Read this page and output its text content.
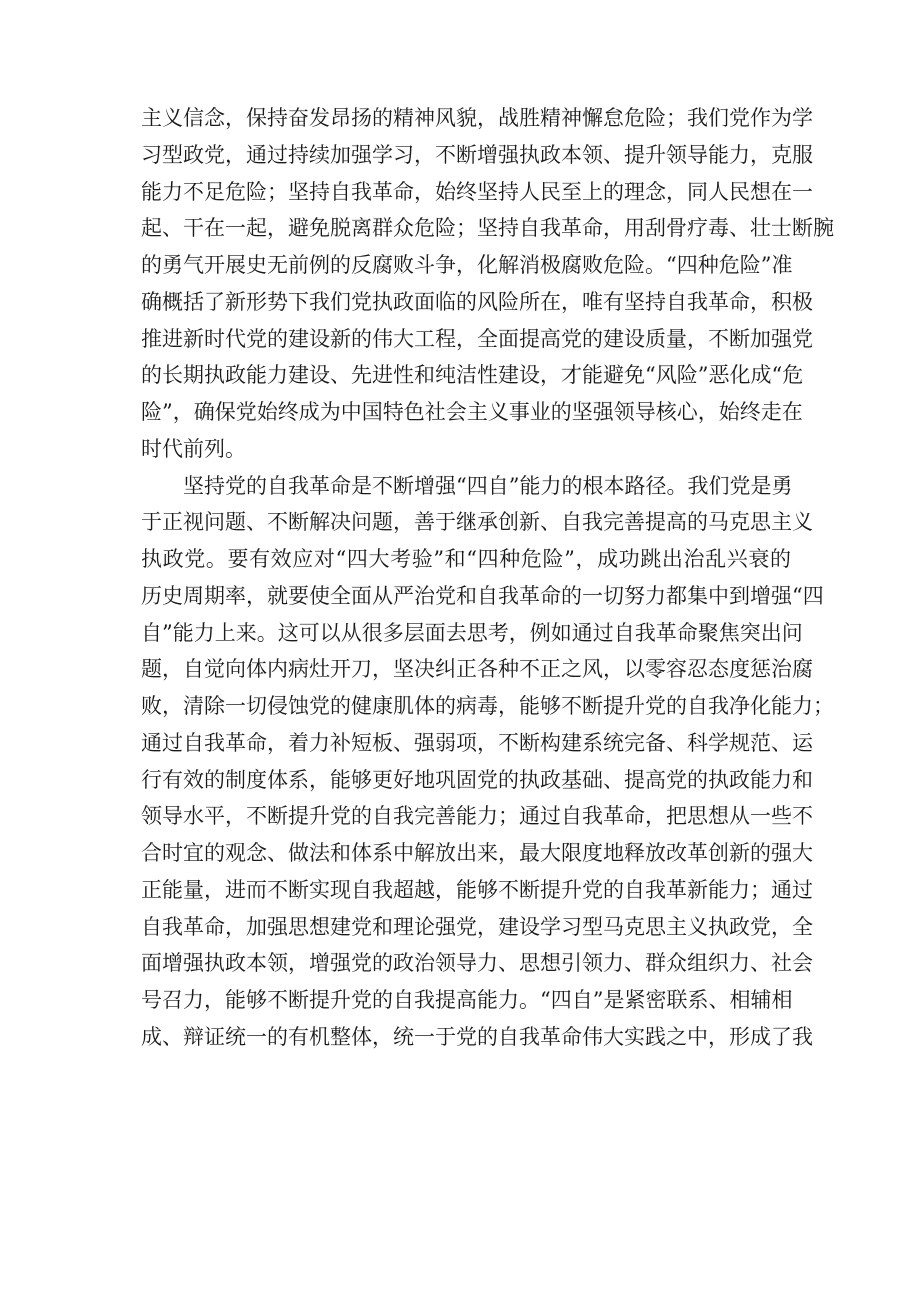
主义信念，保持奋发昂扬的精神风貌，战胜精神懈怠危险；我们党作为学
习型政党，通过持续加强学习，不断增强执政本领、提升领导能力，克服
能力不足危险；坚持自我革命，始终坚持人民至上的理念，同人民想在一
起、干在一起，避免脱离群众危险；坚持自我革命，用刮骨疗毒、壮士断腕
的勇气开展史无前例的反腐败斗争，化解消极腐败危险。“四种危险”准
确概括了新形势下我们党执政面临的风险所在，唯有坚持自我革命，积极
推进新时代党的建设新的伟大工程，全面提高党的建设质量，不断加强党
的长期执政能力建设、先进性和纯洁性建设，才能避免“风险”恶化成“危
险”，确保党始终成为中国特色社会主义事业的坚强领导核心，始终走在
时代前列。
坚持党的自我革命是不断增强“四自”能力的根本路径。我们党是勇
于正视问题、不断解决问题，善于继承创新、自我完善提高的马克思主义
执政党。要有效应对“四大考验”和“四种危险”，成功跳出治乱兴衰的
历史周期率，就要使全面从严治党和自我革命的一切努力都集中到增强“四
自”能力上来。这可以从很多层面去思考，例如通过自我革命聚焦突出问
题，自觉向体内病灶开刀，坚决纠正各种不正之风，以零容忍态度惩治腐
败，清除一切侵蚀党的健康肌体的病毒，能够不断提升党的自我净化能力；
通过自我革命，着力补短板、强弱项，不断构建系统完备、科学规范、运
行有效的制度体系，能够更好地巩固党的执政基础、提高党的执政能力和
领导水平，不断提升党的自我完善能力；通过自我革命，把思想从一些不
合时宜的观念、做法和体系中解放出来，最大限度地释放改革创新的强大
正能量，进而不断实现自我超越，能够不断提升党的自我革新能力；通过
自我革命，加强思想建党和理论强党，建设学习型马克思主义执政党，全
面增强执政本领，增强党的政治领导力、思想引领力、群众组织力、社会
号召力，能够不断提升党的自我提高能力。“四自”是紧密联系、相辅相
成、辩证统一的有机整体，统一于党的自我革命伟大实践之中，形成了我
